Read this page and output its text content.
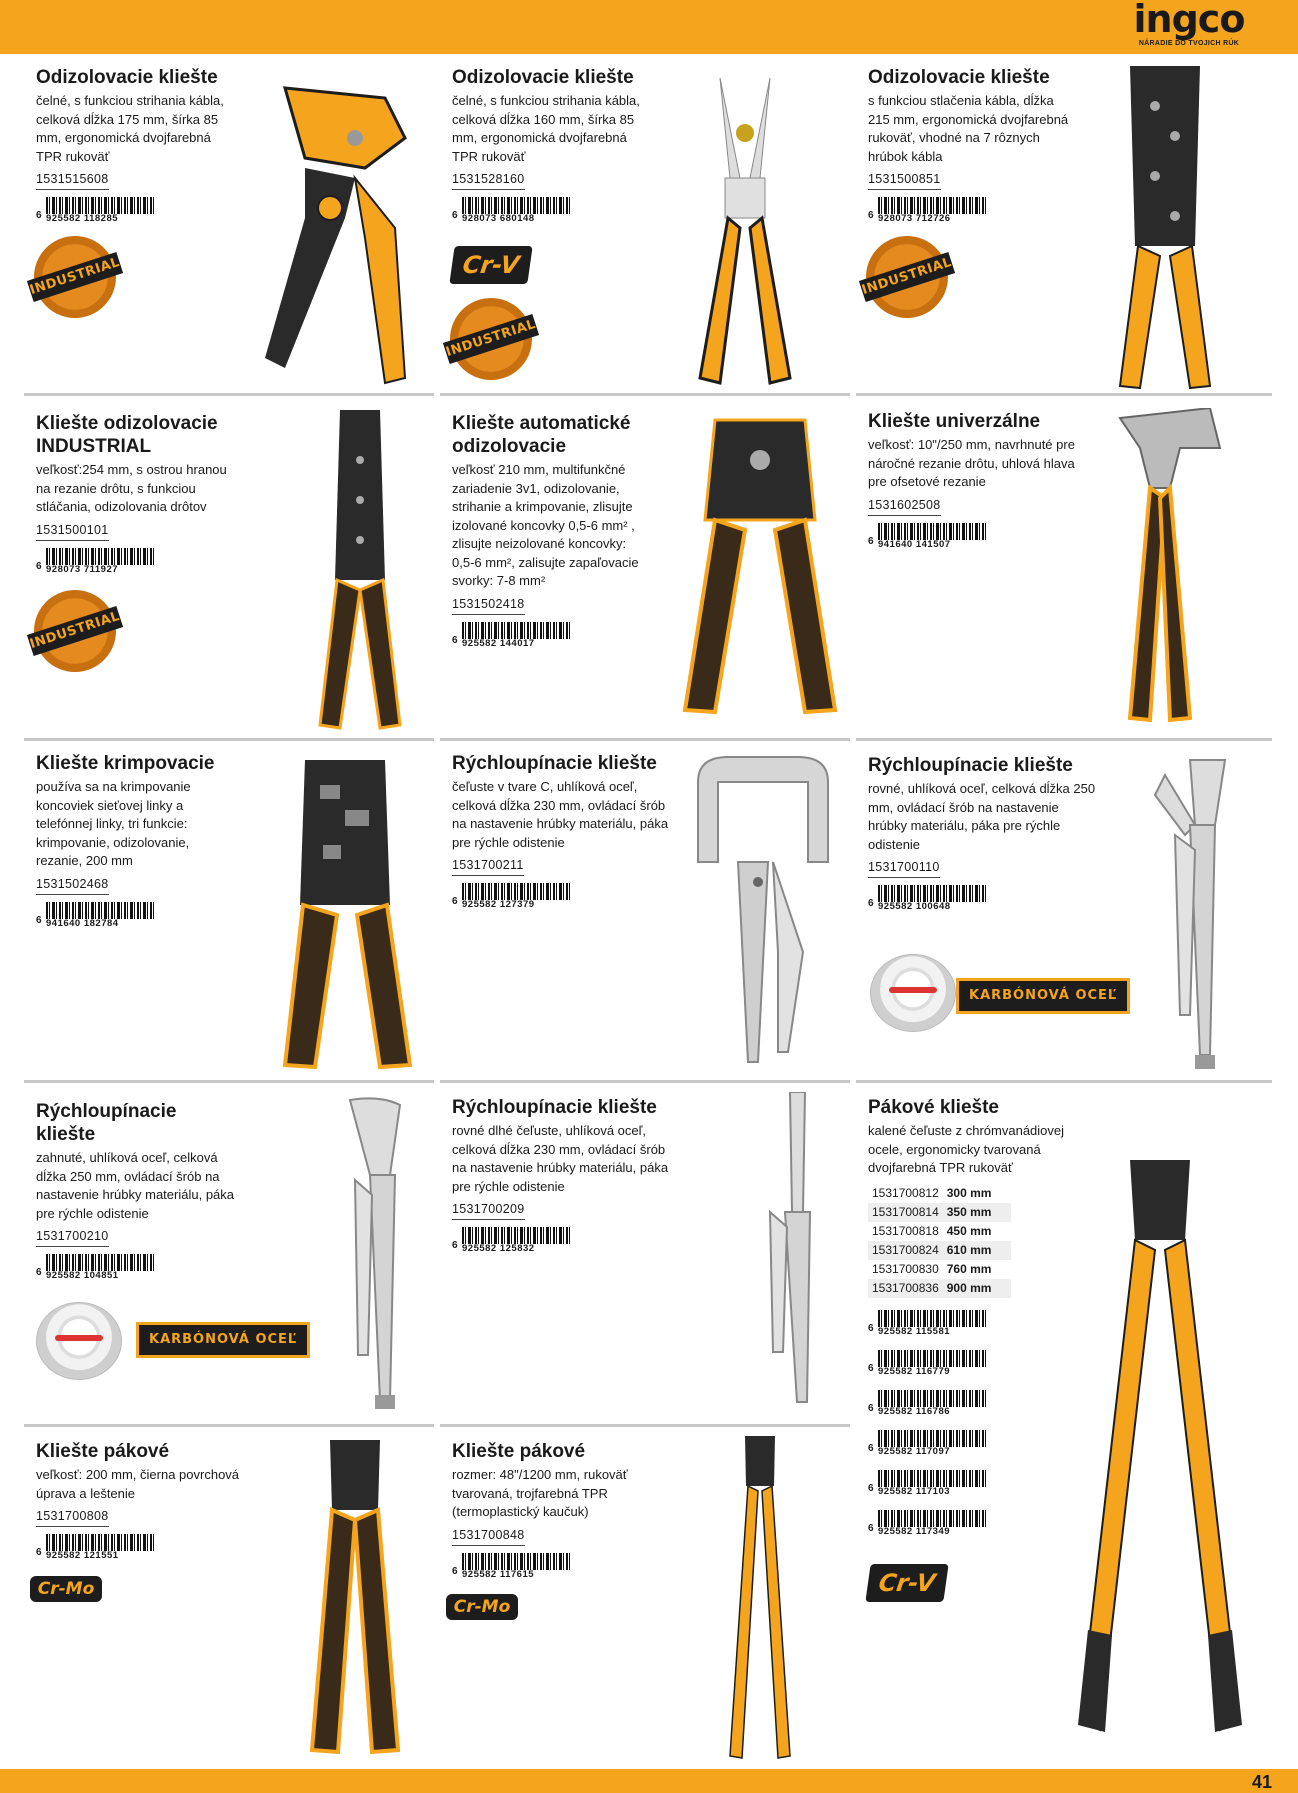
ingco
NÁRADIE DO TVOJICH RÚK
41
Odizolovacie kliešte

čelné, s funkciou strihania kábla, celková dĺžka 175 mm, šírka 85 mm, ergonomická dvojfarebná TPR rukoväť

1531515608
6 925582 118285
INDUSTRIAL
Odizolovacie kliešte

čelné, s funkciou strihania kábla, celková dĺžka 160 mm, šírka 85 mm, ergonomická dvojfarebná TPR rukoväť

1531528160
6 928073 680148
Cr-V
INDUSTRIAL
Odizolovacie kliešte

s funkciou stlačenia kábla, dĺžka 215 mm, ergonomická dvojfarebná rukoväť, vhodné na 7 rôznych hrúbok kábla

1531500851
6 928073 712726
INDUSTRIAL
Kliešte odizolovacie INDUSTRIAL

veľkosť:254 mm, s ostrou hranou na rezanie drôtu, s funkciou stláčania, odizolovania drôtov

1531500101
6 928073 711927
INDUSTRIAL
Kliešte automatické odizolovacie

veľkosť 210 mm, multifunkčné zariadenie 3v1, odizolovanie, strihanie a krimpovanie, zlisujte izolované koncovky 0,5-6 mm² , zlisujte neizolované koncovky: 0,5-6 mm², zalisujte zapaľovacie svorky: 7-8 mm²

1531502418
6 925582 144017
Kliešte univerzálne

veľkosť: 10"/250 mm, navrhnuté pre náročné rezanie drôtu, uhlová hlava pre ofsetové rezanie

1531602508
6 941640 141507
Kliešte krimpovacie

používa sa na krimpovanie koncoviek sieťovej linky a telefónnej linky, tri funkcie: krimpovanie, odizolovanie, rezanie, 200 mm

1531502468
6 941640 182784
Rýchloupínacie kliešte

čeľuste v tvare C, uhlíková oceľ, celková dĺžka 230 mm, ovládací šrób na nastavenie hrúbky materiálu, páka pre rýchle odistenie

1531700211
6 925582 127379
Rýchloupínacie kliešte

rovné, uhlíková oceľ, celková dĺžka 250 mm, ovládací šrób na nastavenie hrúbky materiálu, páka pre rýchle odistenie

1531700110
6 925582 100648
KARBÓNOVÁ OCEĽ
Rýchloupínacie kliešte

zahnuté, uhlíková oceľ, celková dĺžka 250 mm, ovládací šrób na nastavenie hrúbky materiálu, páka pre rýchle odistenie

1531700210
6 925582 104851
KARBÓNOVÁ OCEĽ
Rýchloupínacie kliešte

rovné dlhé čeľuste, uhlíková oceľ, celková dĺžka 230 mm, ovládací šrób na nastavenie hrúbky materiálu, páka pre rýchle odistenie

1531700209
6 925582 125832
Pákové kliešte

kalené čeľuste z chrómvanádiovej ocele, ergonomicky tvarovaná dvojfarebná TPR rukoväť

1531700812	300 mm
1531700814	350 mm
1531700818	450 mm
1531700824	610 mm
1531700830	760 mm
1531700836	900 mm
6 925582 115581
6 925582 116779
6 925582 116786
6 925582 117097
6 925582 117103
6 925582 117349
Cr-V
Kliešte pákové

veľkosť: 200 mm, čierna povrchová úprava a leštenie

1531700808
6 925582 121551
Cr-Mo
Kliešte pákové

rozmer: 48"/1200 mm, rukoväť tvarovaná, trojfarebná TPR (termoplastický kaučuk)

1531700848
6 925582 117615
Cr-Mo
